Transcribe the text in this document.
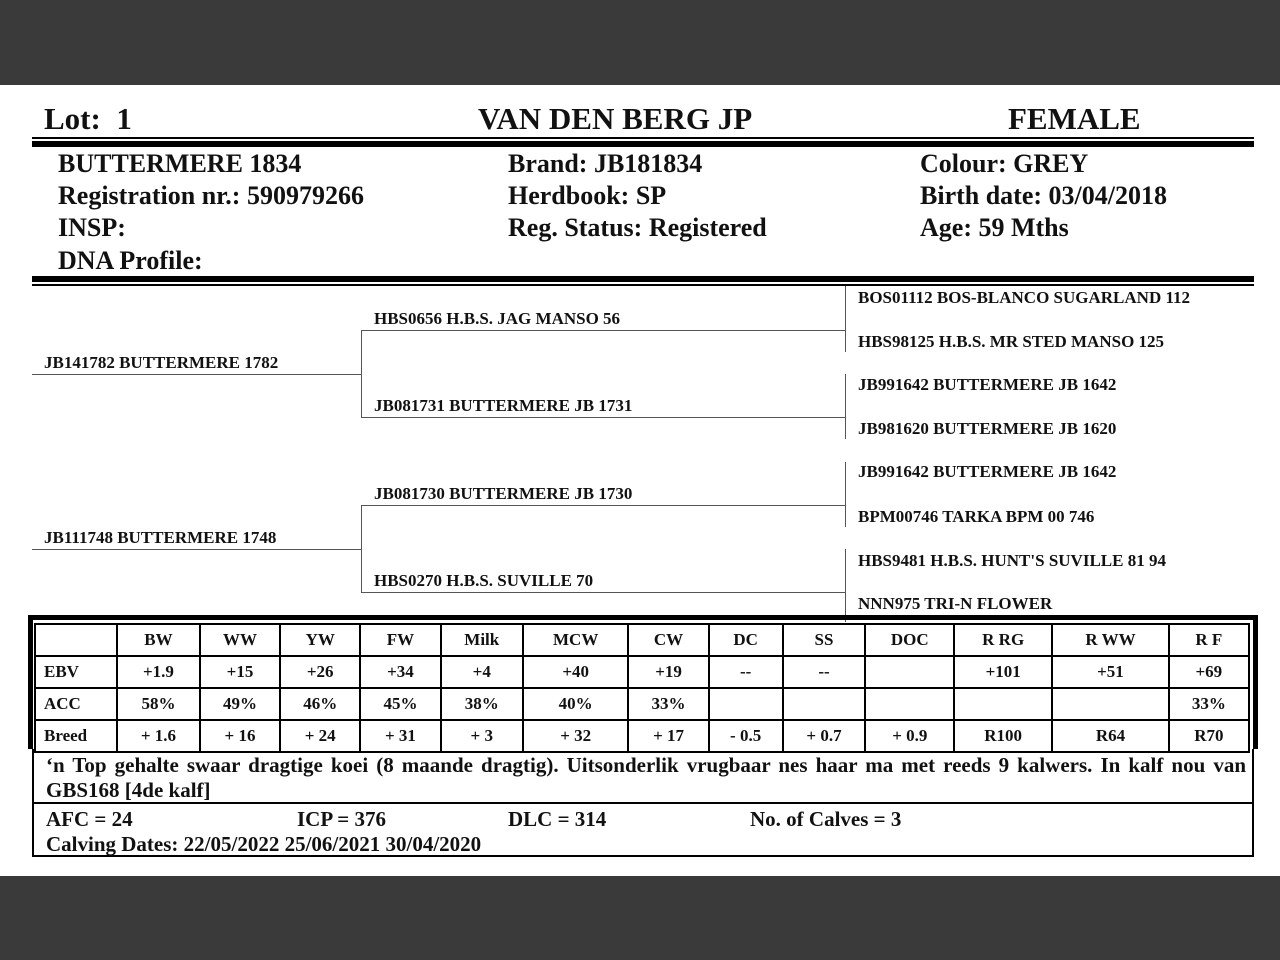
Lot: 1	VAN DEN BERG JP	FEMALE
BUTTERMERE 1834
Registration nr.: 590979266
INSP:
DNA Profile:
Brand: JB181834
Herdbook: SP
Reg. Status: Registered
Colour: GREY
Birth date: 03/04/2018
Age: 59 Mths
JB141782 BUTTERMERE 1782
JB111748 BUTTERMERE 1748
HBS0656 H.B.S. JAG MANSO 56
JB081731 BUTTERMERE JB 1731
JB081730 BUTTERMERE JB 1730
HBS0270 H.B.S. SUVILLE 70
BOS01112 BOS-BLANCO SUGARLAND 112
HBS98125 H.B.S. MR STED MANSO 125
JB991642 BUTTERMERE JB 1642
JB981620 BUTTERMERE JB 1620
JB991642 BUTTERMERE JB 1642
BPM00746 TARKA BPM 00 746
HBS9481 H.B.S. HUNT'S SUVILLE 81 94
NNN975 TRI-N FLOWER
	BW	WW	YW	FW	Milk	MCW	CW	DC	SS	DOC	R RG	R WW	R F
EBV	+1.9	+15	+26	+34	+4	+40	+19	--	--		+101	+51	+69
ACC	58%	49%	46%	45%	38%	40%	33%						33%
Breed	+ 1.6	+ 16	+ 24	+ 31	+ 3	+ 32	+ 17	- 0.5	+ 0.7	+ 0.9	R100	R64	R70
‘n Top gehalte swaar dragtige koei (8 maande dragtig). Uitsonderlik vrugbaar nes haar ma met reeds 9 kalwers. In kalf nou van GBS168 [4de kalf]
AFC = 24	ICP = 376	DLC = 314	No. of Calves = 3
Calving Dates: 22/05/2022 25/06/2021 30/04/2020
